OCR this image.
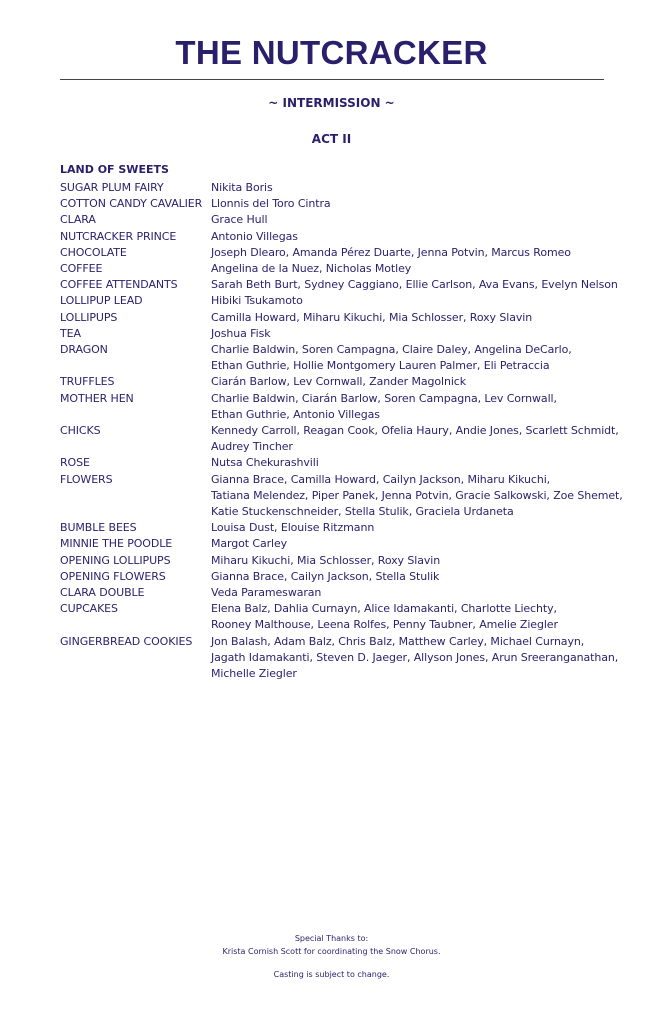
THE NUTCRACKER
~ INTERMISSION ~
ACT II
LAND OF SWEETS
SUGAR PLUM FAIRY	Nikita Boris
COTTON CANDY CAVALIER Llonnis del Toro Cintra
CLARA	Grace Hull
NUTCRACKER PRINCE	Antonio Villegas
CHOCOLATE	Joseph Dlearo, Amanda Pérez Duarte, Jenna Potvin, Marcus Romeo
COFFEE	Angelina de la Nuez, Nicholas Motley
COFFEE ATTENDANTS	Sarah Beth Burt, Sydney Caggiano, Ellie Carlson, Ava Evans, Evelyn Nelson
LOLLIPUP LEAD	Hibiki Tsukamoto
LOLLIPUPS	Camilla Howard, Miharu Kikuchi, Mia Schlosser, Roxy Slavin
TEA	Joshua Fisk
DRAGON	Charlie Baldwin, Soren Campagna, Claire Daley, Angelina DeCarlo,
Ethan Guthrie, Hollie Montgomery Lauren Palmer, Eli Petraccia
TRUFFLES	Ciarán Barlow, Lev Cornwall, Zander Magolnick
MOTHER HEN	Charlie Baldwin, Ciarán Barlow, Soren Campagna, Lev Cornwall,
Ethan Guthrie, Antonio Villegas
CHICKS	Kennedy Carroll, Reagan Cook, Ofelia Haury, Andie Jones, Scarlett Schmidt,
Audrey Tincher
ROSE	Nutsa Chekurashvili
FLOWERS	Gianna Brace, Camilla Howard, Cailyn Jackson, Miharu Kikuchi,
Tatiana Melendez, Piper Panek, Jenna Potvin, Gracie Salkowski, Zoe Shemet,
Katie Stuckenschneider, Stella Stulik, Graciela Urdaneta
BUMBLE BEES	Louisa Dust, Elouise Ritzmann
MINNIE THE POODLE	Margot Carley
OPENING LOLLIPUPS	Miharu Kikuchi, Mia Schlosser, Roxy Slavin
OPENING FLOWERS	Gianna Brace, Cailyn Jackson, Stella Stulik
CLARA DOUBLE	Veda Parameswaran
CUPCAKES	Elena Balz, Dahlia Curnayn, Alice Idamakanti, Charlotte Liechty,
Rooney Malthouse, Leena Rolfes, Penny Taubner, Amelie Ziegler
GINGERBREAD COOKIES	Jon Balash, Adam Balz, Chris Balz, Matthew Carley, Michael Curnayn,
Jagath Idamakanti, Steven D. Jaeger, Allyson Jones, Arun Sreeranganathan,
Michelle Ziegler
Special Thanks to:
Krista Cornish Scott for coordinating the Snow Chorus.
Casting is subject to change.
